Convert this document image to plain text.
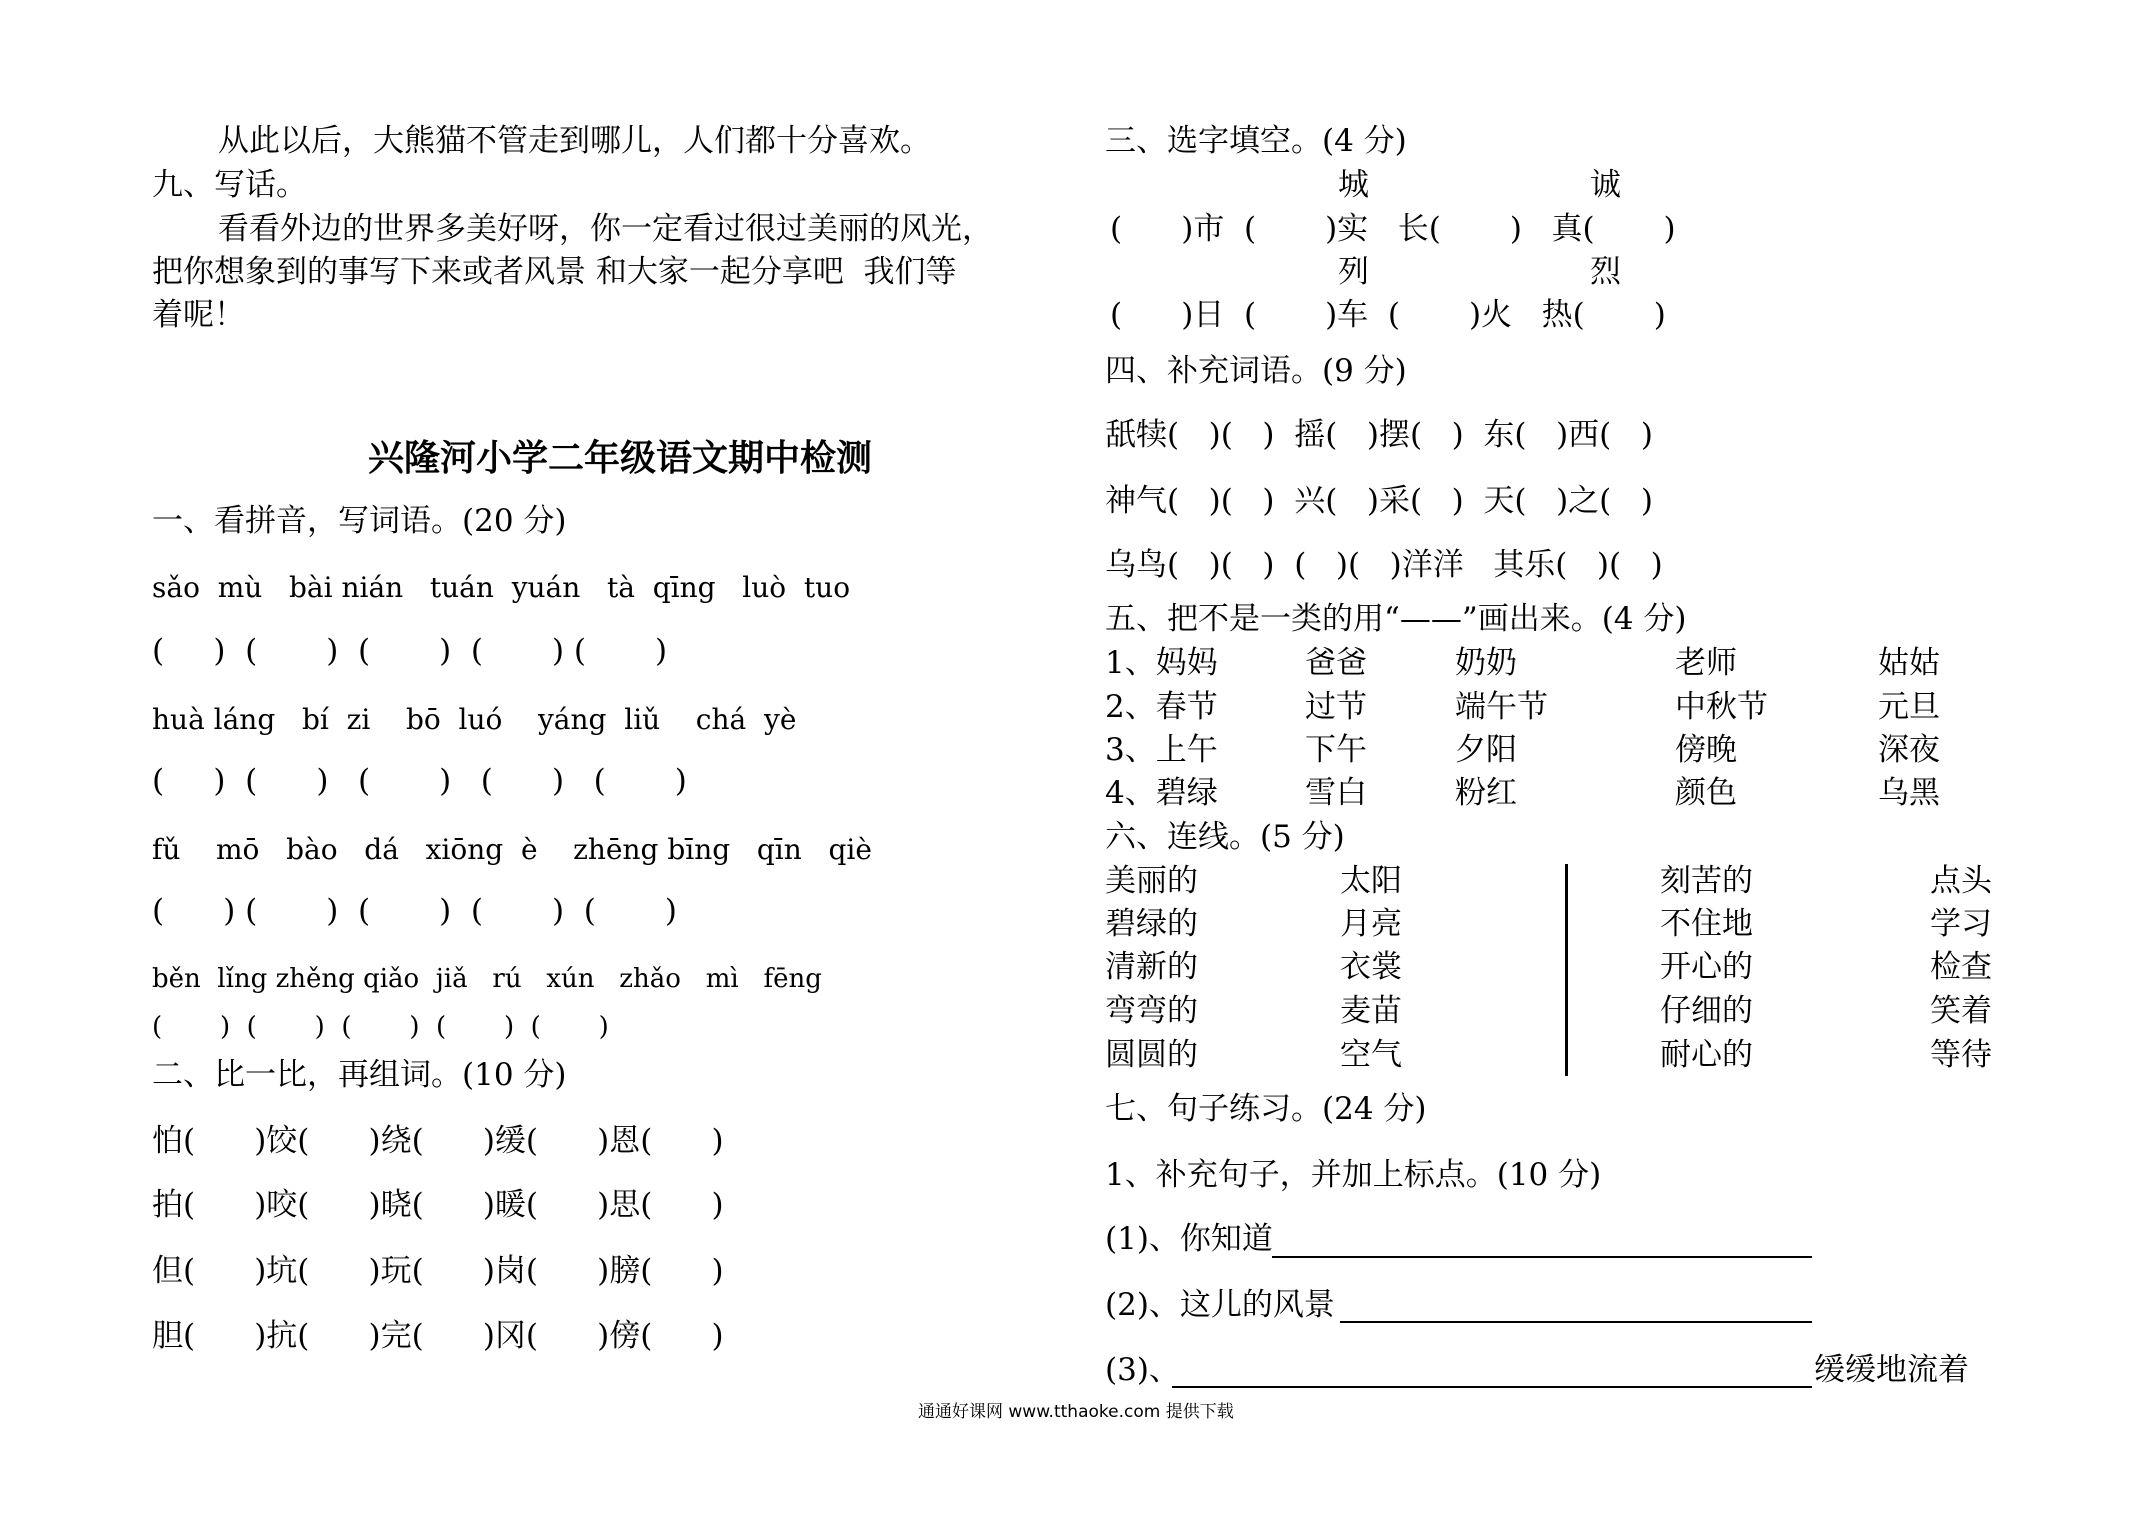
从此以后，大熊猫不管走到哪儿，人们都十分喜欢。
九、写话。
看看外边的世界多美好呀，你一定看过很过美丽的风光，
把你想象到的事写下来或者风景 和大家一起分享吧  我们等
着呢！
兴隆河小学二年级语文期中检测
一、看拼音，写词语。(20 分)
sǎo  mù   bài nián   tuán  yuán   tà  qīng   luò  tuo
(     )  (       )  (       )  (       ) (       )
huà láng   bí  zi    bō  luó    yáng  liǔ    chá  yè
(     )  (      )   (       )   (      )   (       )
fǔ    mō   bào   dá   xiōng  è    zhēng bīng   qīn   qiè
(      ) (       )  (       )  (       )  (       )
běn  lǐng zhěng qiǎo  jiǎ   rú   xún   zhǎo   mì   fēng
(       )  (       )  (       )  (       )  (       )
二、比一比，再组词。(10 分)
怕(      )饺(      )绕(      )缓(      )恩(      )
拍(      )咬(      )晓(      )暖(      )思(      )
但(      )坑(      )玩(      )岗(      )膀(      )
胆(      )抗(      )完(      )冈(      )傍(      )
三、选字填空。(4 分)
城	诚
(      )市  (       )实   长(       )   真(       )
列	烈
(      )日  (       )车  (       )火   热(       )
四、补充词语。(9 分)
舐犊(   )(   )  摇(   )摆(   )  东(   )西(   )
神气(   )(   )  兴(   )采(   )  天(   )之(   )
乌鸟(   )(   )  (   )(   )洋洋   其乐(   )(   )
五、把不是一类的用“——”画出来。(4 分)
1、妈妈	爸爸	奶奶	老师	姑姑
2、春节	过节	端午节	中秋节	元旦
3、上午	下午	夕阳	傍晚	深夜
4、碧绿	雪白	粉红	颜色	乌黑
六、连线。(5 分)
美丽的	太阳	刻苦的	点头
碧绿的	月亮	不住地	学习
清新的	衣裳	开心的	检查
弯弯的	麦苗	仔细的	笑着
圆圆的	空气	耐心的	等待
七、句子练习。(24 分)
1、补充句子，并加上标点。(10 分)
(1)、你知道
(2)、这儿的风景
(3)、	缓缓地流着
通通好课网 www.tthaoke.com 提供下载
